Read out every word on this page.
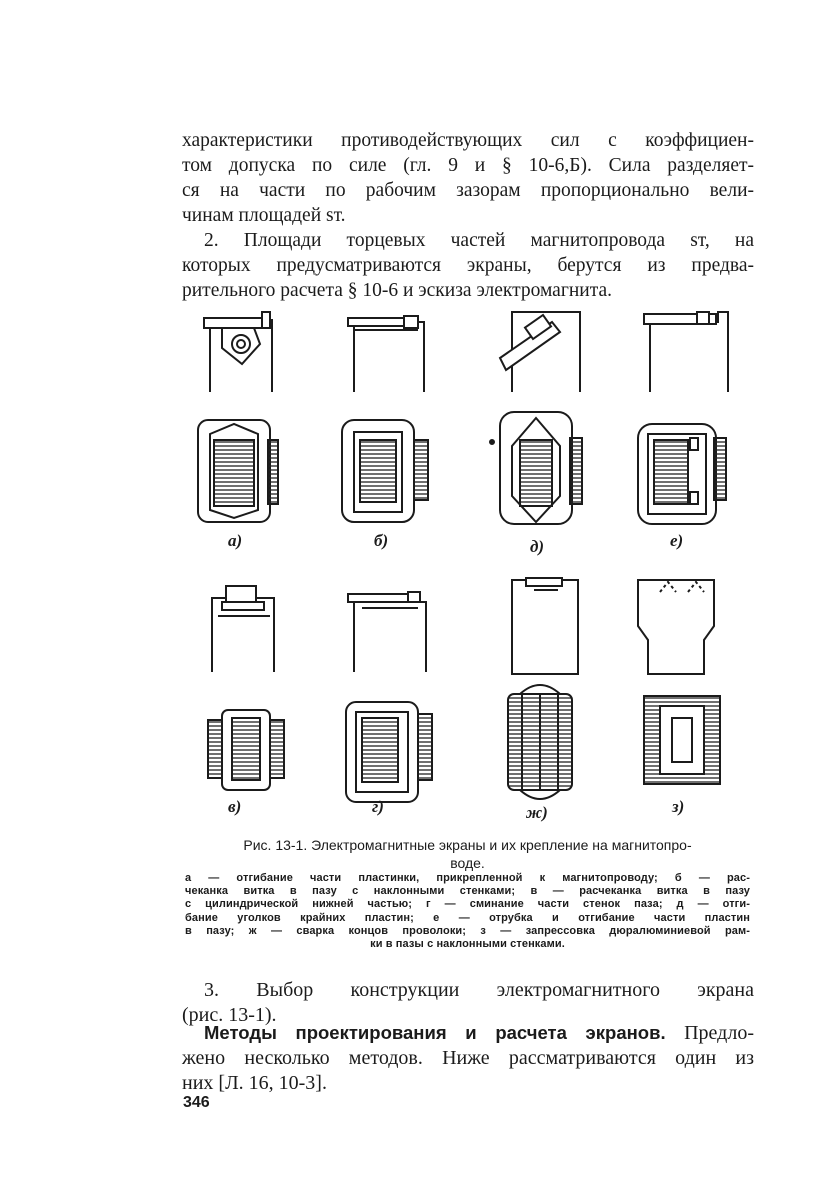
характеристики противодействующих сил с коэффициен-
том допуска по силе (гл. 9 и § 10-6,Б). Сила разделяет-
ся на части по рабочим зазорам пропорционально вели-
чинам площадей sт.

2. Площади торцевых частей магнитопровода sт, на
которых предусматриваются экраны, берутся из предва-
рительного расчета § 10-6 и эскиза электромагнита.

а)	б)	д)	е)
в)	г)	ж)	з)
Рис. 13-1. Электромагнитные экраны и их крепление на магнитопро-
воде.
а — отгибание части пластинки, прикрепленной к магнитопроводу; б — рас-
чеканка витка в пазу с наклонными стенками; в — расчеканка витка в пазу
с цилиндрической нижней частью; г — сминание части стенок паза; д — отги-
бание уголков крайних пластин; е — отрубка и отгибание части пластин
в пазу; ж — сварка концов проволоки; з — запрессовка дюралюминиевой рам-
ки в пазы с наклонными стенками.

3. Выбор конструкции электромагнитного экрана
(рис. 13-1).

Методы проектирования и расчета экранов. Предло-
жено несколько методов. Ниже рассматриваются один из
них [Л. 16, 10-3].

346
